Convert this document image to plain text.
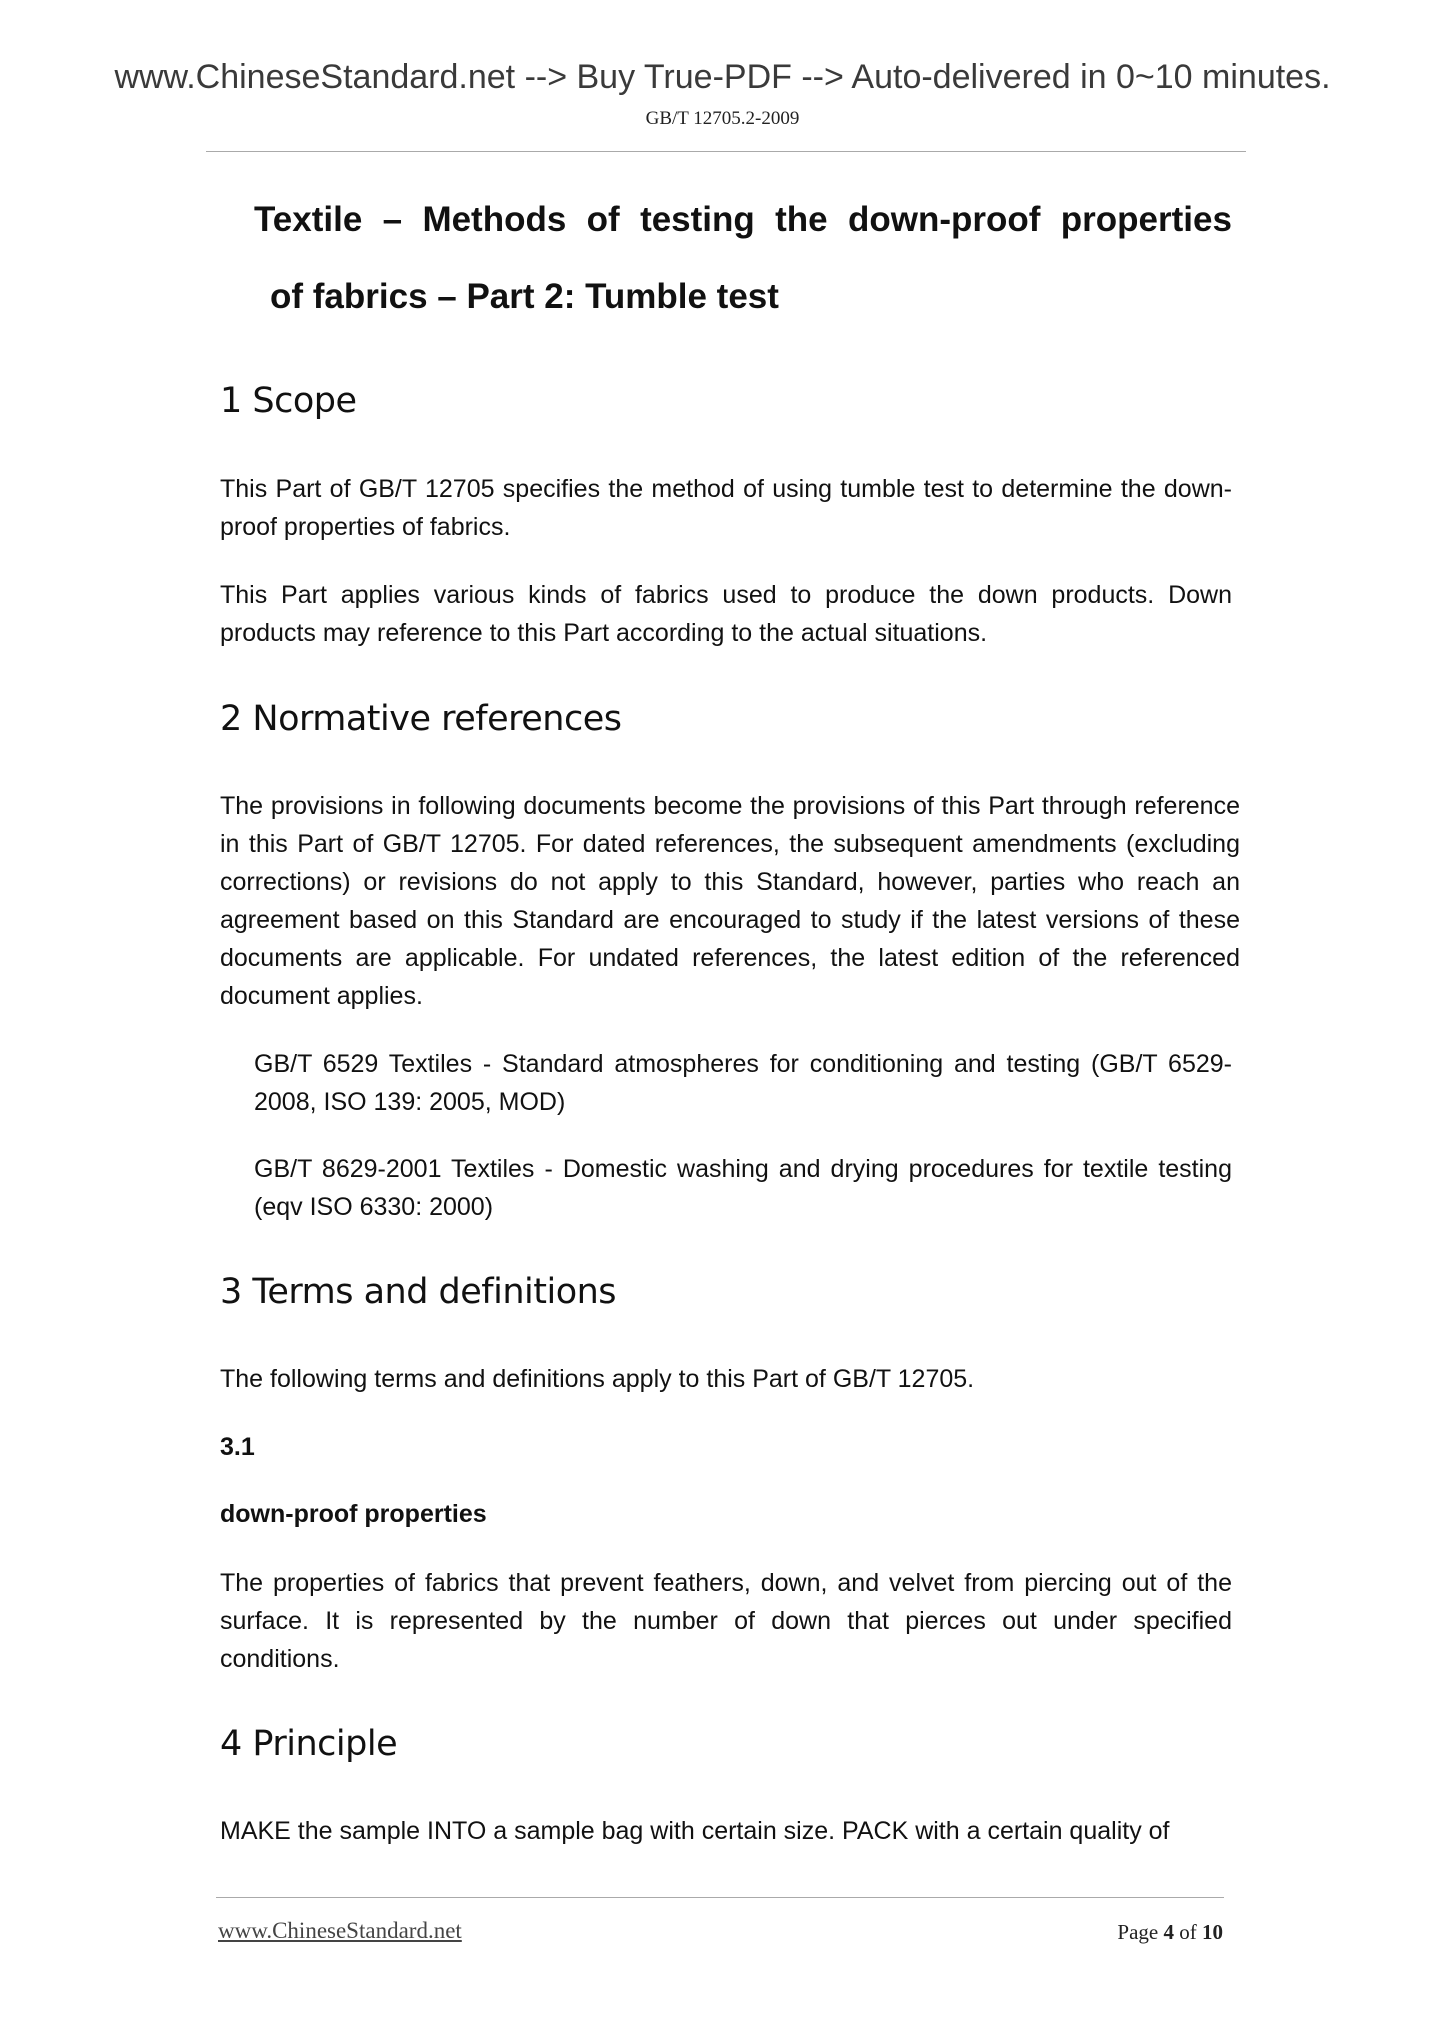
www.ChineseStandard.net --> Buy True-PDF --> Auto-delivered in 0~10 minutes.
GB/T 12705.2-2009
Textile – Methods of testing the down-proof properties
of fabrics – Part 2: Tumble test
1 Scope
This Part of GB/T 12705 specifies the method of using tumble test to determine the down-proof properties of fabrics.
This Part applies various kinds of fabrics used to produce the down products. Down products may reference to this Part according to the actual situations.
2 Normative references
The provisions in following documents become the provisions of this Part through reference in this Part of GB/T 12705. For dated references, the subsequent amendments (excluding corrections) or revisions do not apply to this Standard, however, parties who reach an agreement based on this Standard are encouraged to study if the latest versions of these documents are applicable. For undated references, the latest edition of the referenced document applies.
GB/T 6529 Textiles - Standard atmospheres for conditioning and testing (GB/T 6529-2008, ISO 139: 2005, MOD)
GB/T 8629-2001 Textiles - Domestic washing and drying procedures for textile testing (eqv ISO 6330: 2000)
3 Terms and definitions
The following terms and definitions apply to this Part of GB/T 12705.
3.1
down-proof properties
The properties of fabrics that prevent feathers, down, and velvet from piercing out of the surface. It is represented by the number of down that pierces out under specified conditions.
4 Principle
MAKE the sample INTO a sample bag with certain size. PACK with a certain quality of
www.ChineseStandard.net	Page 4 of 10
